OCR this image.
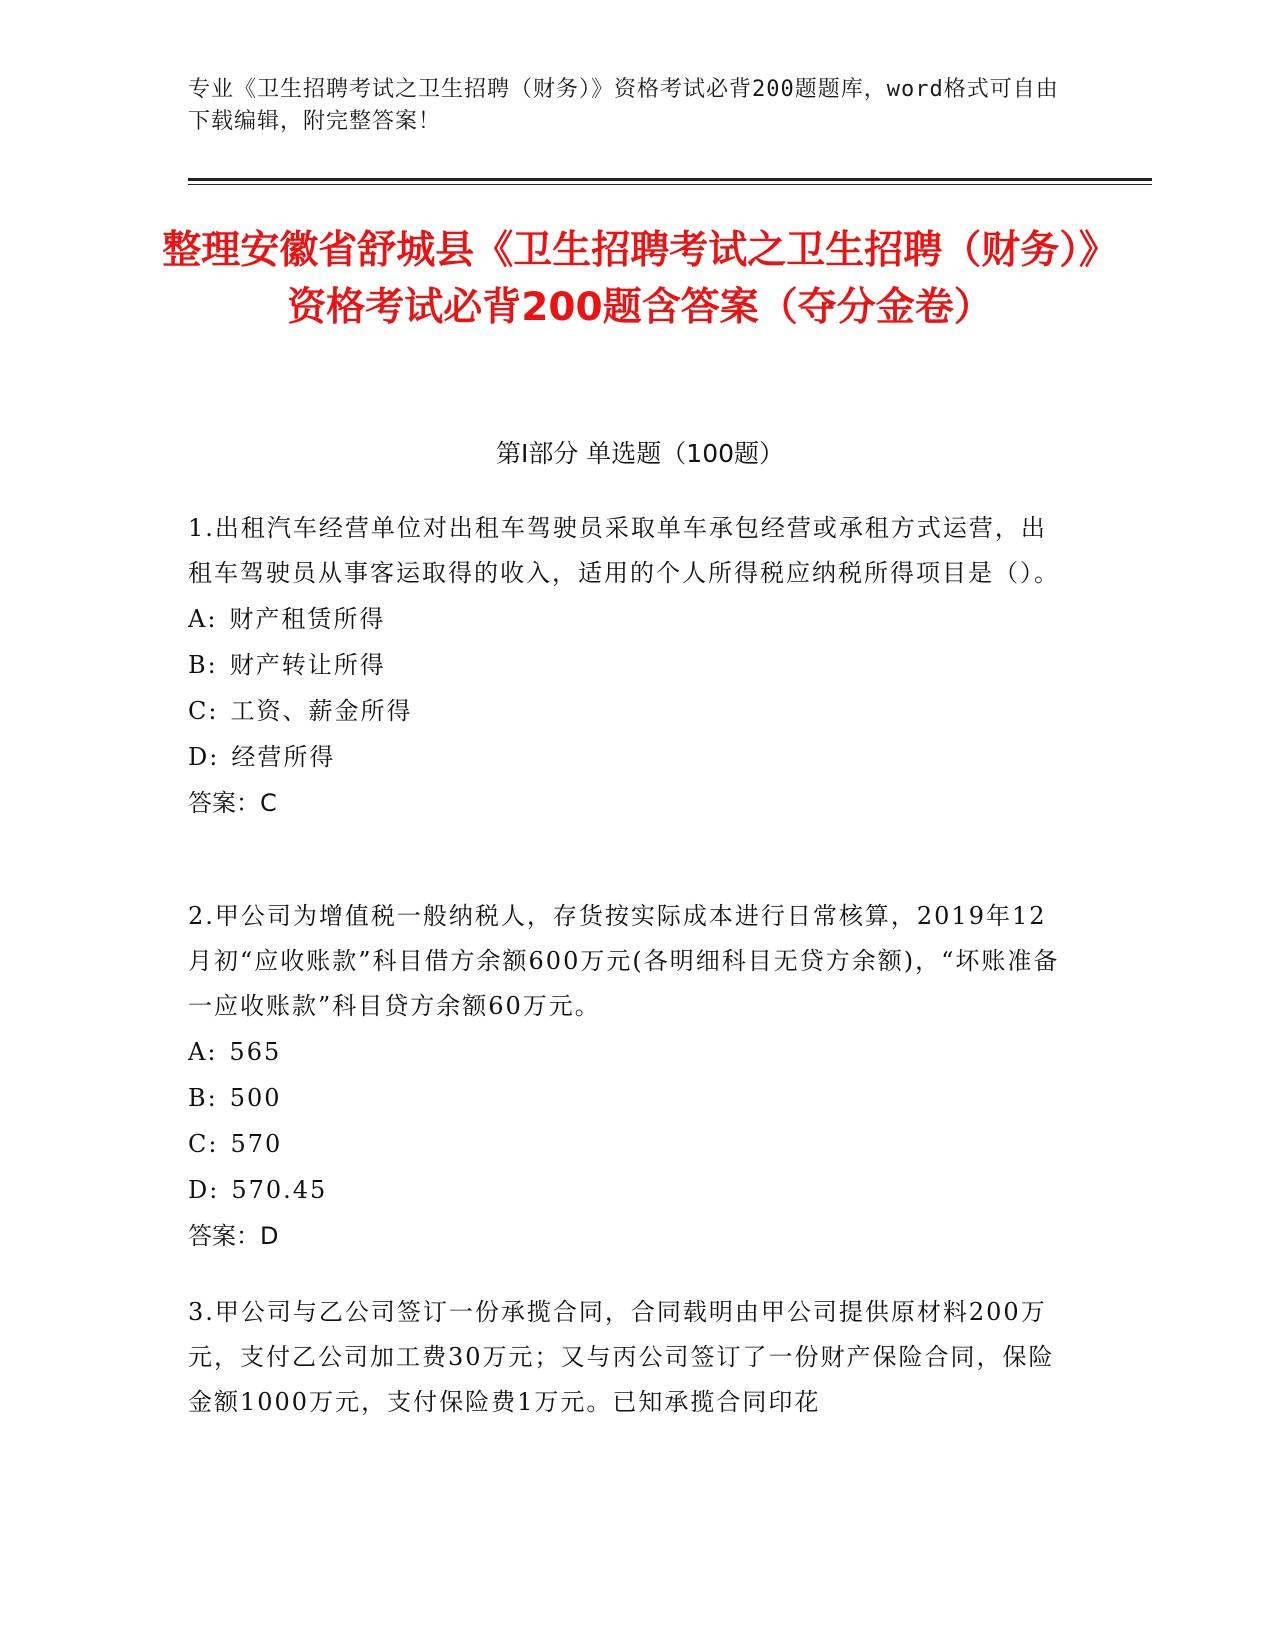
专业《卫生招聘考试之卫生招聘（财务）》资格考试必背200题题库，word格式可自由下载编辑，附完整答案！
整理安徽省舒城县《卫生招聘考试之卫生招聘（财务）》资格考试必背200题含答案（夺分金卷）
第Ⅰ部分 单选题（100题）
1.出租汽车经营单位对出租车驾驶员采取单车承包经营或承租方式运营，出租车驾驶员从事客运取得的收入，适用的个人所得税应纳税所得项目是（）。
A: 财产租赁所得
B: 财产转让所得
C: 工资、薪金所得
D: 经营所得
答案：C
2.甲公司为增值税一般纳税人，存货按实际成本进行日常核算，2019年12月初“应收账款”科目借方余额600万元(各明细科目无贷方余额)，“坏账准备一应收账款”科目贷方余额60万元。
A: 565
B: 500
C: 570
D: 570.45
答案：D
3.甲公司与乙公司签订一份承揽合同，合同载明由甲公司提供原材料200万元，支付乙公司加工费30万元；又与丙公司签订了一份财产保险合同，保险金额1000万元，支付保险费1万元。已知承揽合同印花
